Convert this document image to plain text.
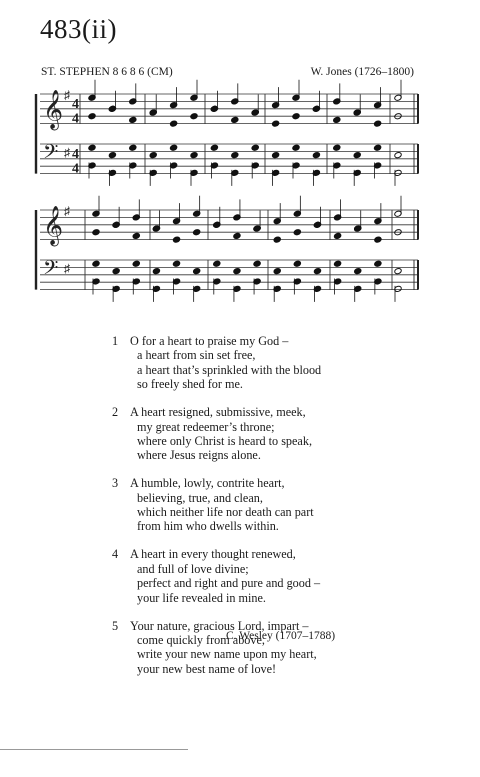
483(ii)
ST. STEPHEN 8 6 8 6 (CM)	W. Jones (1726–1800)
𝄞 ♯
4
4
𝄢 ♯ 4
4
𝄞 ♯
𝄢 ♯
1 O for a heart to praise my God –
a heart from sin set free,
a heart that’s sprinkled with the blood
so freely shed for me.
2 A heart resigned, submissive, meek,
my great redeemer’s throne;
where only Christ is heard to speak,
where Jesus reigns alone.
3 A humble, lowly, contrite heart,
believing, true, and clean,
which neither life nor death can part
from him who dwells within.
4 A heart in every thought renewed,
and full of love divine;
perfect and right and pure and good –
your life revealed in mine.
5 Your nature, gracious Lord, impart –
come quickly from above,
write your new name upon my heart,
your new best name of love!
C. Wesley (1707–1788)
